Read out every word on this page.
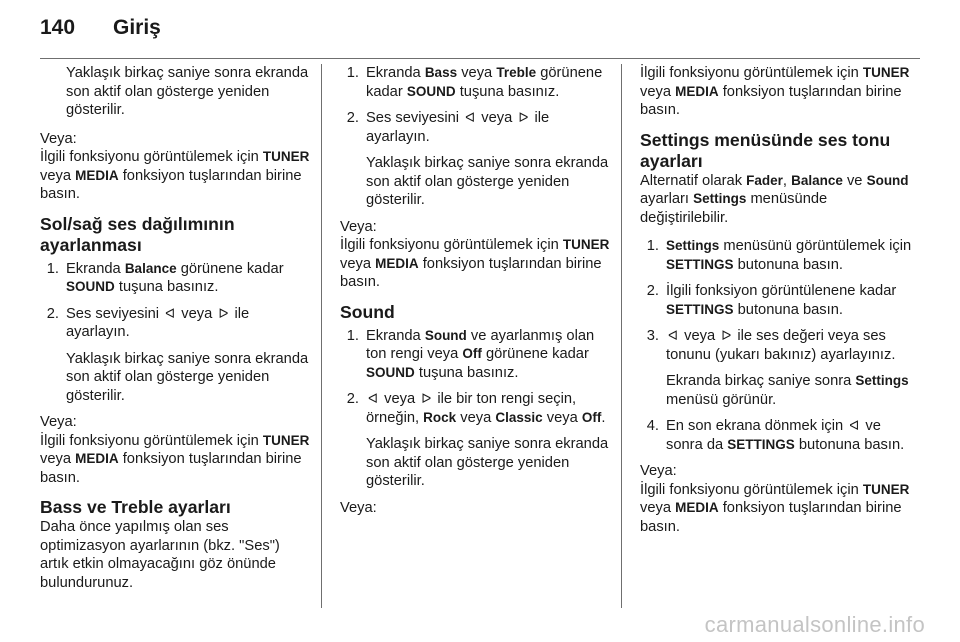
140	Giriş

Yaklaşık birkaç saniye sonra ekranda son aktif olan gösterge yeniden gösterilir.

Veya:

İlgili fonksiyonu görüntülemek için TUNER veya MEDIA fonksiyon tuşlarından birine basın.

Sol/sağ ses dağılımının ayarlanması
1. Ekranda Balance görünene kadar SOUND tuşuna basınız.
2. Ses seviyesini ᐊ veya ᐅ ile ayarlayın.

Yaklaşık birkaç saniye sonra ekranda son aktif olan gösterge yeniden gösterilir.

Veya:

İlgili fonksiyonu görüntülemek için TUNER veya MEDIA fonksiyon tuşlarından birine basın.

Bass ve Treble ayarları

Daha önce yapılmış olan ses optimizasyon ayarlarının (bkz. "Ses") artık etkin olmayacağını göz önünde bulundurunuz.

1. Ekranda Bass veya Treble görünene kadar SOUND tuşuna basınız.
2. Ses seviyesini ᐊ veya ᐅ ile ayarlayın.

Yaklaşık birkaç saniye sonra ekranda son aktif olan gösterge yeniden gösterilir.

Veya:

İlgili fonksiyonu görüntülemek için TUNER veya MEDIA fonksiyon tuşlarından birine basın.

Sound
1. Ekranda Sound ve ayarlanmış olan ton rengi veya Off görünene kadar SOUND tuşuna basınız.
2. ᐊ veya ᐅ ile bir ton rengi seçin, örneğin, Rock veya Classic veya Off.

Yaklaşık birkaç saniye sonra ekranda son aktif olan gösterge yeniden gösterilir.

Veya:

İlgili fonksiyonu görüntülemek için TUNER veya MEDIA fonksiyon tuşlarından birine basın.

Settings menüsünde ses tonu ayarları

Alternatif olarak Fader, Balance ve Sound ayarları Settings menüsünde değiştirilebilir.

1. Settings menüsünü görüntülemek için SETTINGS butonuna basın.
2. İlgili fonksiyon görüntülenene kadar SETTINGS butonuna basın.
3. ᐊ veya ᐅ ile ses değeri veya ses tonunu (yukarı bakınız) ayarlayınız.

Ekranda birkaç saniye sonra Settings menüsü görünür.

4. En son ekrana dönmek için ᐊ ve sonra da SETTINGS butonuna basın.

Veya:

İlgili fonksiyonu görüntülemek için TUNER veya MEDIA fonksiyon tuşlarından birine basın.

carmanualsonline.info
